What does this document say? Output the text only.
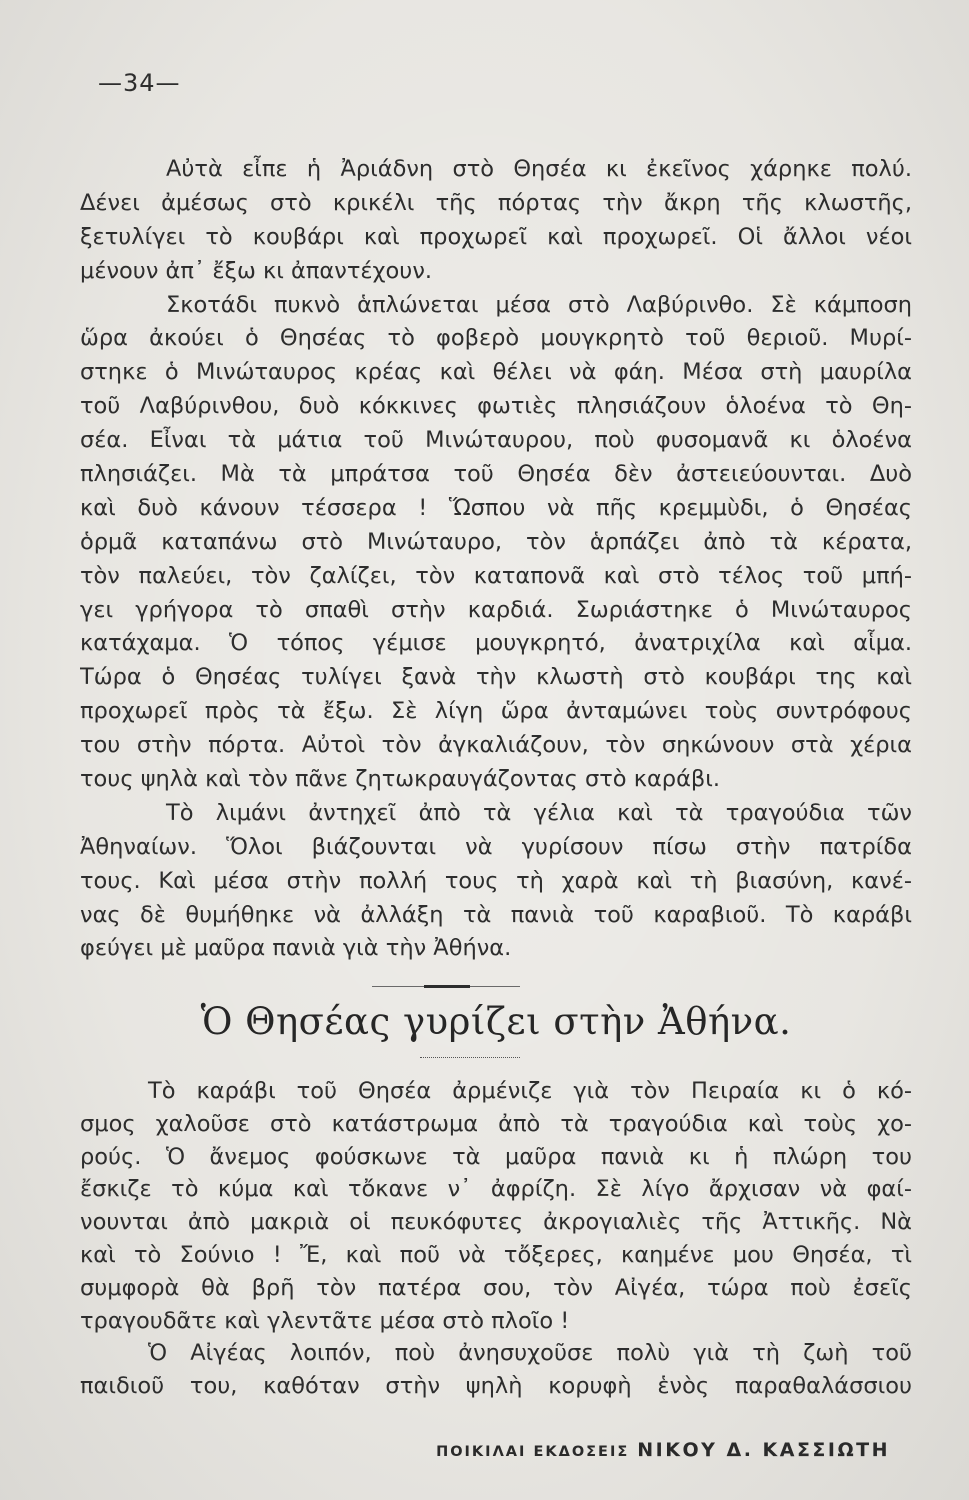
—34—
Αὐτὰ εἶπε ἡ Ἀριάδνη στὸ Θησέα κι ἐκεῖνος χάρηκε πολύ.
Δένει ἀμέσως στὸ κρικέλι τῆς πόρτας τὴν ἄκρη τῆς κλωστῆς,
ξετυλίγει τὸ κουβάρι καὶ προχωρεῖ καὶ προχωρεῖ. Οἱ ἄλλοι νέοι
μένουν ἀπ᾿ ἔξω κι ἀπαντέχουν.
Σκοτάδι πυκνὸ ἁπλώνεται μέσα στὸ Λαβύρινθο. Σὲ κάμποση
ὥρα ἀκούει ὁ Θησέας τὸ φοβερὸ μουγκρητὸ τοῦ θεριοῦ. Μυρί-
στηκε ὁ Μινώταυρος κρέας καὶ θέλει νὰ φάη. Μέσα στὴ μαυρίλα
τοῦ Λαβύρινθου, δυὸ κόκκινες φωτιὲς πλησιάζουν ὁλοένα τὸ Θη-
σέα. Εἶναι τὰ μάτια τοῦ Μινώταυρου, ποὺ φυσομανᾶ κι ὁλοένα
πλησιάζει. Μὰ τὰ μπράτσα τοῦ Θησέα δὲν ἀστειεύουνται. Δυὸ
καὶ δυὸ κάνουν τέσσερα ! Ὥσπου νὰ πῆς κρεμμὺδι, ὁ Θησέας
ὁρμᾶ καταπάνω στὸ Μινώταυρο, τὸν ἁρπάζει ἀπὸ τὰ κέρατα,
τὸν παλεύει, τὸν ζαλίζει, τὸν καταπονᾶ καὶ στὸ τέλος τοῦ μπή-
γει γρήγορα τὸ σπαθὶ στὴν καρδιά. Σωριάστηκε ὁ Μινώταυρος
κατάχαμα. Ὁ τόπος γέμισε μουγκρητό, ἀνατριχίλα καὶ αἷμα.
Τώρα ὁ Θησέας τυλίγει ξανὰ τὴν κλωστὴ στὸ κουβάρι της καὶ
προχωρεῖ πρὸς τὰ ἔξω. Σὲ λίγη ὥρα ἀνταμώνει τοὺς συντρόφους
του στὴν πόρτα. Αὐτοὶ τὸν ἀγκαλιάζουν, τὸν σηκώνουν στὰ χέρια
τους ψηλὰ καὶ τὸν πᾶνε ζητωκραυγάζοντας στὸ καράβι.
Τὸ λιμάνι ἀντηχεῖ ἀπὸ τὰ γέλια καὶ τὰ τραγούδια τῶν
Ἀθηναίων. Ὅλοι βιάζουνται νὰ γυρίσουν πίσω στὴν πατρίδα
τους. Καὶ μέσα στὴν πολλή τους τὴ χαρὰ καὶ τὴ βιασύνη, κανέ-
νας δὲ θυμήθηκε νὰ ἀλλάξη τὰ πανιὰ τοῦ καραβιοῦ. Τὸ καράβι
φεύγει μὲ μαῦρα πανιὰ γιὰ τὴν Ἀθήνα.
Ὁ Θησέας γυρίζει στὴν Ἀθήνα.
Τὸ καράβι τοῦ Θησέα ἀρμένιζε γιὰ τὸν Πειραία κι ὁ κό-
σμος χαλοῦσε στὸ κατάστρωμα ἀπὸ τὰ τραγούδια καὶ τοὺς χο-
ρούς. Ὁ ἄνεμος φούσκωνε τὰ μαῦρα πανιὰ κι ἡ πλώρη του
ἔσκιζε τὸ κύμα καὶ τὄκανε ν᾿ ἀφρίζη. Σὲ λίγο ἄρχισαν νὰ φαί-
νουνται ἀπὸ μακριὰ οἱ πευκόφυτες ἀκρογιαλιὲς τῆς Ἀττικῆς. Νὰ
καὶ τὸ Σούνιο ! Ἔ, καὶ ποῦ νὰ τὄξερες, καημένε μου Θησέα, τὶ
συμφορὰ θὰ βρῆ τὸν πατέρα σου, τὸν Αἰγέα, τώρα ποὺ ἐσεῖς
τραγουδᾶτε καὶ γλεντᾶτε μέσα στὸ πλοῖο !
Ὁ Αἰγέας λοιπόν, ποὺ ἀνησυχοῦσε πολὺ γιὰ τὴ ζωὴ τοῦ
παιδιοῦ του, καθόταν στὴν ψηλὴ κορυφὴ ἑνὸς παραθαλάσσιου
ΠΟΙΚΙΛΑΙ ΕΚΔΟΣΕΙΣ ΝΙΚΟΥ Δ. ΚΑΣΣΙΩΤΗ
